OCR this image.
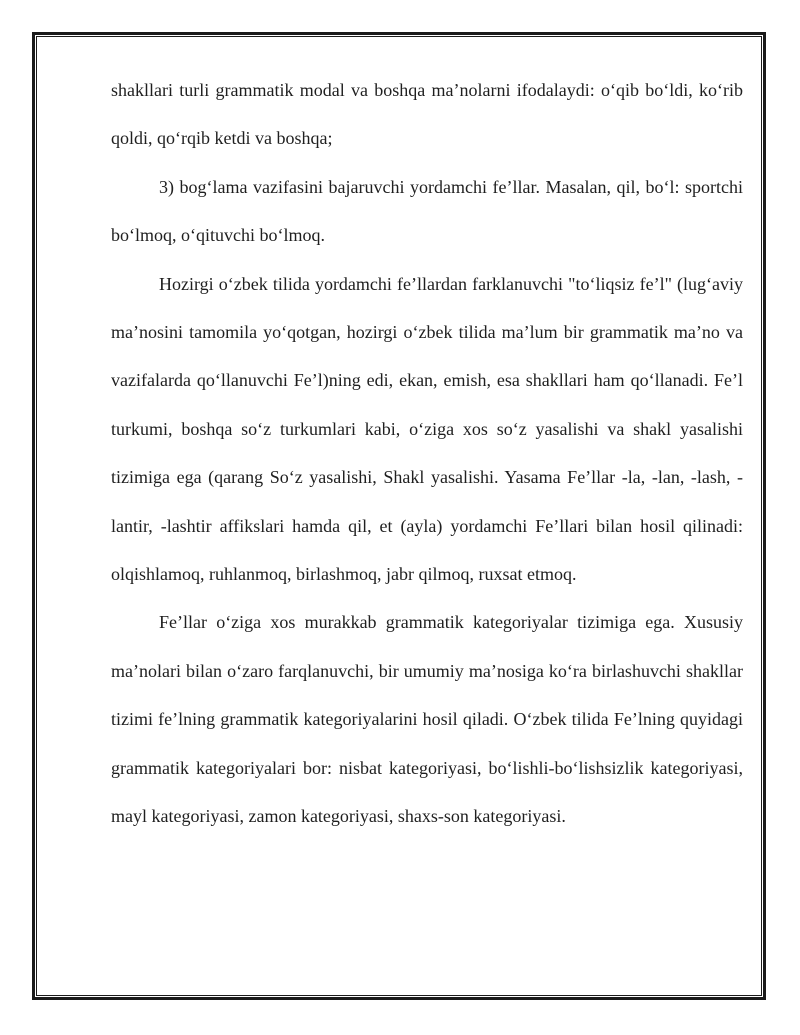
shakllari turli grammatik modal va boshqa ma’nolarni ifodalaydi: o‘qib bo‘ldi, ko‘rib qoldi, qo‘rqib ketdi va boshqa;

3) bog‘lama vazifasini bajaruvchi yordamchi fe’llar. Masalan, qil, bo‘l: sportchi bo‘lmoq, o‘qituvchi bo‘lmoq.

Hozirgi o‘zbek tilida yordamchi fe’llardan farklanuvchi "to‘liqsiz fe’l" (lug‘aviy ma’nosini tamomila yo‘qotgan, hozirgi o‘zbek tilida ma’lum bir grammatik ma’no va vazifalarda qo‘llanuvchi Fe’l)ning edi, ekan, emish, esa shakllari ham qo‘llanadi. Fe’l turkumi, boshqa so‘z turkumlari kabi, o‘ziga xos so‘z yasalishi va shakl yasalishi tizimiga ega (qarang So‘z yasalishi, Shakl yasalishi. Yasama Fe’llar -la, -lan, -lash, -lantir, -lashtir affikslari hamda qil, et (ayla) yordamchi Fe’llari bilan hosil qilinadi: olqishlamoq, ruhlanmoq, birlashmoq, jabr qilmoq, ruxsat etmoq.

Fe’llar o‘ziga xos murakkab grammatik kategoriyalar tizimiga ega. Xususiy ma’nolari bilan o‘zaro farqlanuvchi, bir umumiy ma’nosiga ko‘ra birlashuvchi shakllar tizimi fe’lning grammatik kategoriyalarini hosil qiladi. O‘zbek tilida Fe’lning quyidagi grammatik kategoriyalari bor: nisbat kategoriyasi, bo‘lishli-bo‘lishsizlik kategoriyasi, mayl kategoriyasi, zamon kategoriyasi, shaxs-son kategoriyasi.
